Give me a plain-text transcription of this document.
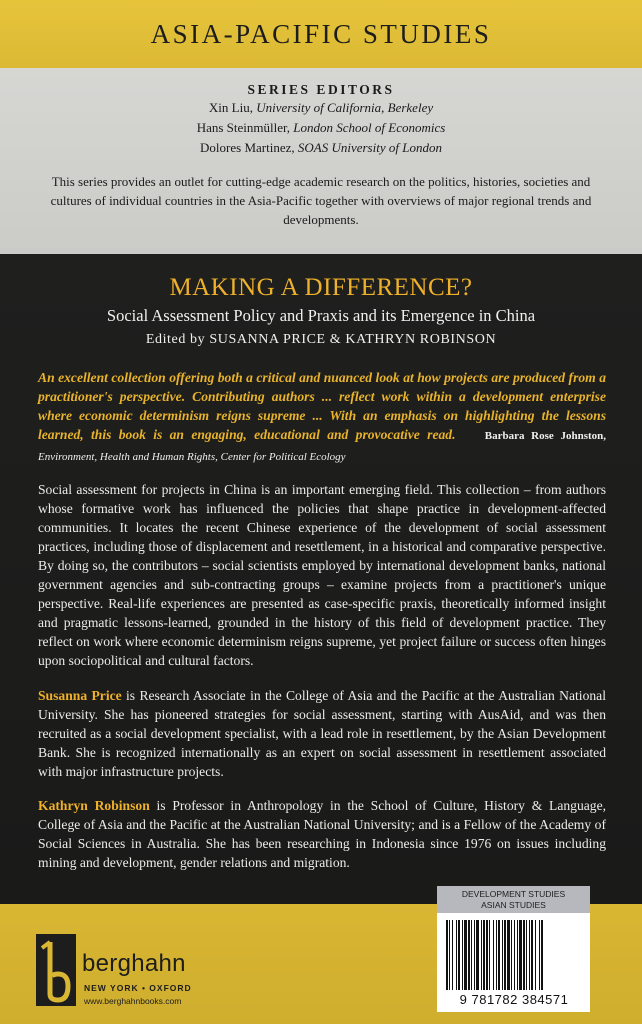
ASIA-PACIFIC STUDIES
SERIES EDITORS
Xin Liu, University of California, Berkeley
Hans Steinmüller, London School of Economics
Dolores Martinez, SOAS University of London
This series provides an outlet for cutting-edge academic research on the politics, histories, societies and cultures of individual countries in the Asia-Pacific together with overviews of major regional trends and developments.
MAKING A DIFFERENCE?
Social Assessment Policy and Praxis and its Emergence in China
Edited by SUSANNA PRICE & KATHRYN ROBINSON
An excellent collection offering both a critical and nuanced look at how projects are produced from a practitioner's perspective. Contributing authors ... reflect work within a development enterprise where economic determinism reigns supreme ... With an emphasis on highlighting the lessons learned, this book is an engaging, educational and provocative read.	Barbara Rose Johnston, Environment, Health and Human Rights, Center for Political Ecology
Social assessment for projects in China is an important emerging field. This collection – from authors whose formative work has influenced the policies that shape practice in development-affected communities. It locates the recent Chinese experience of the development of social assessment practices, including those of displacement and resettlement, in a historical and comparative perspective. By doing so, the contributors – social scientists employed by international development banks, national government agencies and sub-contracting groups – examine projects from a practitioner's unique perspective. Real-life experiences are presented as case-specific praxis, theoretically informed insight and pragmatic lessons-learned, grounded in the history of this field of development practice. They reflect on work where economic determinism reigns supreme, yet project failure or success often hinges upon sociopolitical and cultural factors.
Susanna Price is Research Associate in the College of Asia and the Pacific at the Australian National University. She has pioneered strategies for social assessment, starting with AusAid, and was then recruited as a social development specialist, with a lead role in resettlement, by the Asian Development Bank. She is recognized internationally as an expert on social assessment in resettlement associated with major infrastructure projects.
Kathryn Robinson is Professor in Anthropology in the School of Culture, History & Language, College of Asia and the Pacific at the Australian National University; and is a Fellow of the Academy of Social Sciences in Australia. She has been researching in Indonesia since 1976 on issues including mining and development, gender relations and migration.
berghahn
NEW YORK • OXFORD
www.berghahnbooks.com
DEVELOPMENT STUDIES
ASIAN STUDIES
9 781782 384571
